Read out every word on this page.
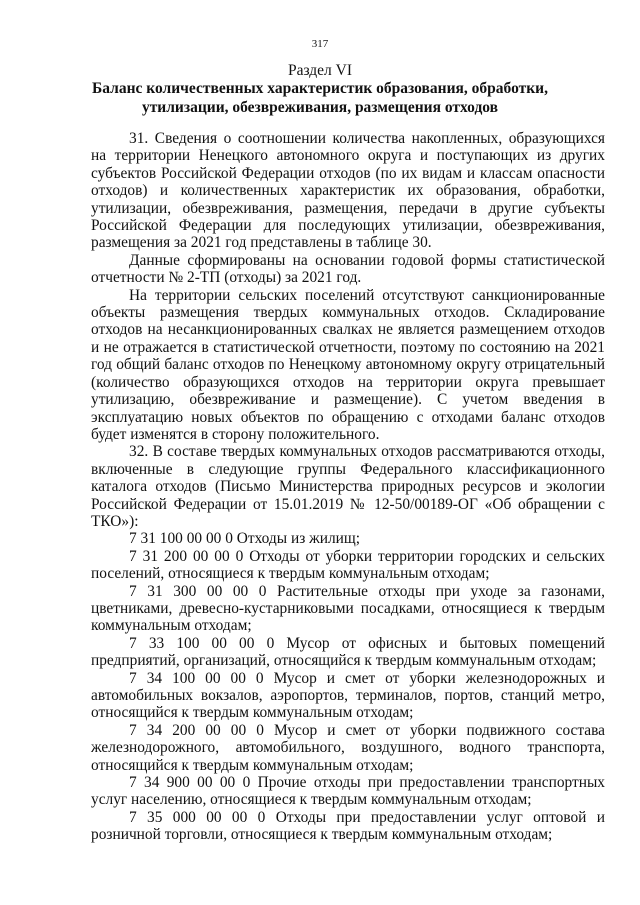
317
Раздел VI
Баланс количественных характеристик образования, обработки, утилизации, обезвреживания, размещения отходов

31. Сведения о соотношении количества накопленных, образующихся на территории Ненецкого автономного округа и поступающих из других субъектов Российской Федерации отходов (по их видам и классам опасности отходов) и количественных характеристик их образования, обработки, утилизации, обезвреживания, размещения, передачи в другие субъекты Российской Федерации для последующих утилизации, обезвреживания, размещения за 2021 год представлены в таблице 30.

Данные сформированы на основании годовой формы статистической отчетности № 2-ТП (отходы) за 2021 год.

На территории сельских поселений отсутствуют санкционированные объекты размещения твердых коммунальных отходов. Складирование отходов на несанкционированных свалках не является размещением отходов и не отражается в статистической отчетности, поэтому по состоянию на 2021 год общий баланс отходов по Ненецкому автономному округу отрицательный (количество образующихся отходов на территории округа превышает утилизацию, обезвреживание и размещение). С учетом введения в эксплуатацию новых объектов по обращению с отходами баланс отходов будет изменятся в сторону положительного.

32. В составе твердых коммунальных отходов рассматриваются отходы, включенные в следующие группы Федерального классификационного каталога отходов (Письмо Министерства природных ресурсов и экологии Российской Федерации от 15.01.2019 № 12-50/00189-ОГ «Об обращении с ТКО»):

7 31 100 00 00 0 Отходы из жилищ;

7 31 200 00 00 0 Отходы от уборки территории городских и сельских поселений, относящиеся к твердым коммунальным отходам;

7 31 300 00 00 0 Растительные отходы при уходе за газонами, цветниками, древесно-кустарниковыми посадками, относящиеся к твердым коммунальным отходам;

7 33 100 00 00 0 Мусор от офисных и бытовых помещений предприятий, организаций, относящийся к твердым коммунальным отходам;

7 34 100 00 00 0 Мусор и смет от уборки железнодорожных и автомобильных вокзалов, аэропортов, терминалов, портов, станций метро, относящийся к твердым коммунальным отходам;

7 34 200 00 00 0 Мусор и смет от уборки подвижного состава железнодорожного, автомобильного, воздушного, водного транспорта, относящийся к твердым коммунальным отходам;

7 34 900 00 00 0 Прочие отходы при предоставлении транспортных услуг населению, относящиеся к твердым коммунальным отходам;

7 35 000 00 00 0 Отходы при предоставлении услуг оптовой и розничной торговли, относящиеся к твердым коммунальным отходам;
